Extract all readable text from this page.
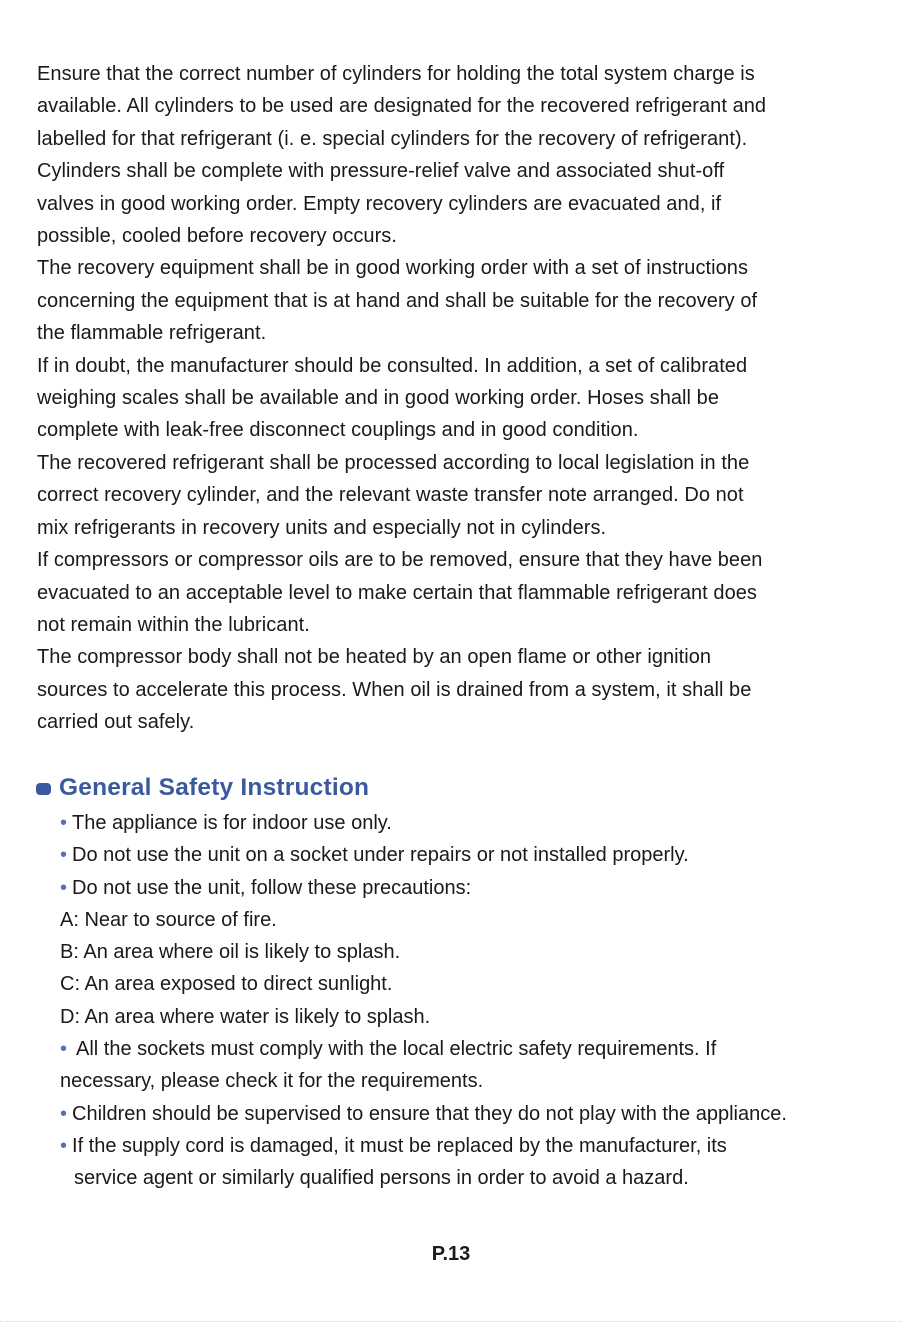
Ensure that the correct number of cylinders for holding the total system charge is
available. All cylinders to be used are designated for the recovered refrigerant and
labelled for that refrigerant (i. e. special cylinders for the recovery of refrigerant).
Cylinders shall be complete with pressure-relief valve and associated shut-off
valves in good working order. Empty recovery cylinders are evacuated and, if
possible, cooled before recovery occurs.
The recovery equipment shall be in good working order with a set of instructions
concerning the equipment that is at hand and shall be suitable for the recovery of
the flammable refrigerant.
If in doubt, the manufacturer should be consulted. In addition, a set of calibrated
weighing scales shall be available and in good working order. Hoses shall be
complete with leak-free disconnect couplings and in good condition.
The recovered refrigerant shall be processed according to local legislation in the
correct recovery cylinder, and the relevant waste transfer note arranged. Do not
mix refrigerants in recovery units and especially not in cylinders.
If compressors or compressor oils are to be removed, ensure that they have been
evacuated to an acceptable level to make certain that flammable refrigerant does
not remain within the lubricant.
The compressor body shall not be heated by an open flame or other ignition
sources to accelerate this process. When oil is drained from a system, it shall be
carried out safely.
General Safety Instruction
• The appliance is for indoor use only.
• Do not use the unit on a socket under repairs or not installed properly.
• Do not use the unit, follow these precautions:
A: Near to source of fire.
B: An area where oil is likely to splash.
C: An area exposed to direct sunlight.
D: An area where water is likely to splash.
• All the sockets must comply with the local electric safety requirements. If
necessary, please check it for the requirements.
• Children should be supervised to ensure that they do not play with the appliance.
• If the supply cord is damaged, it must be replaced by the manufacturer, its
service agent or similarly qualified persons in order to avoid a hazard.
P.13
